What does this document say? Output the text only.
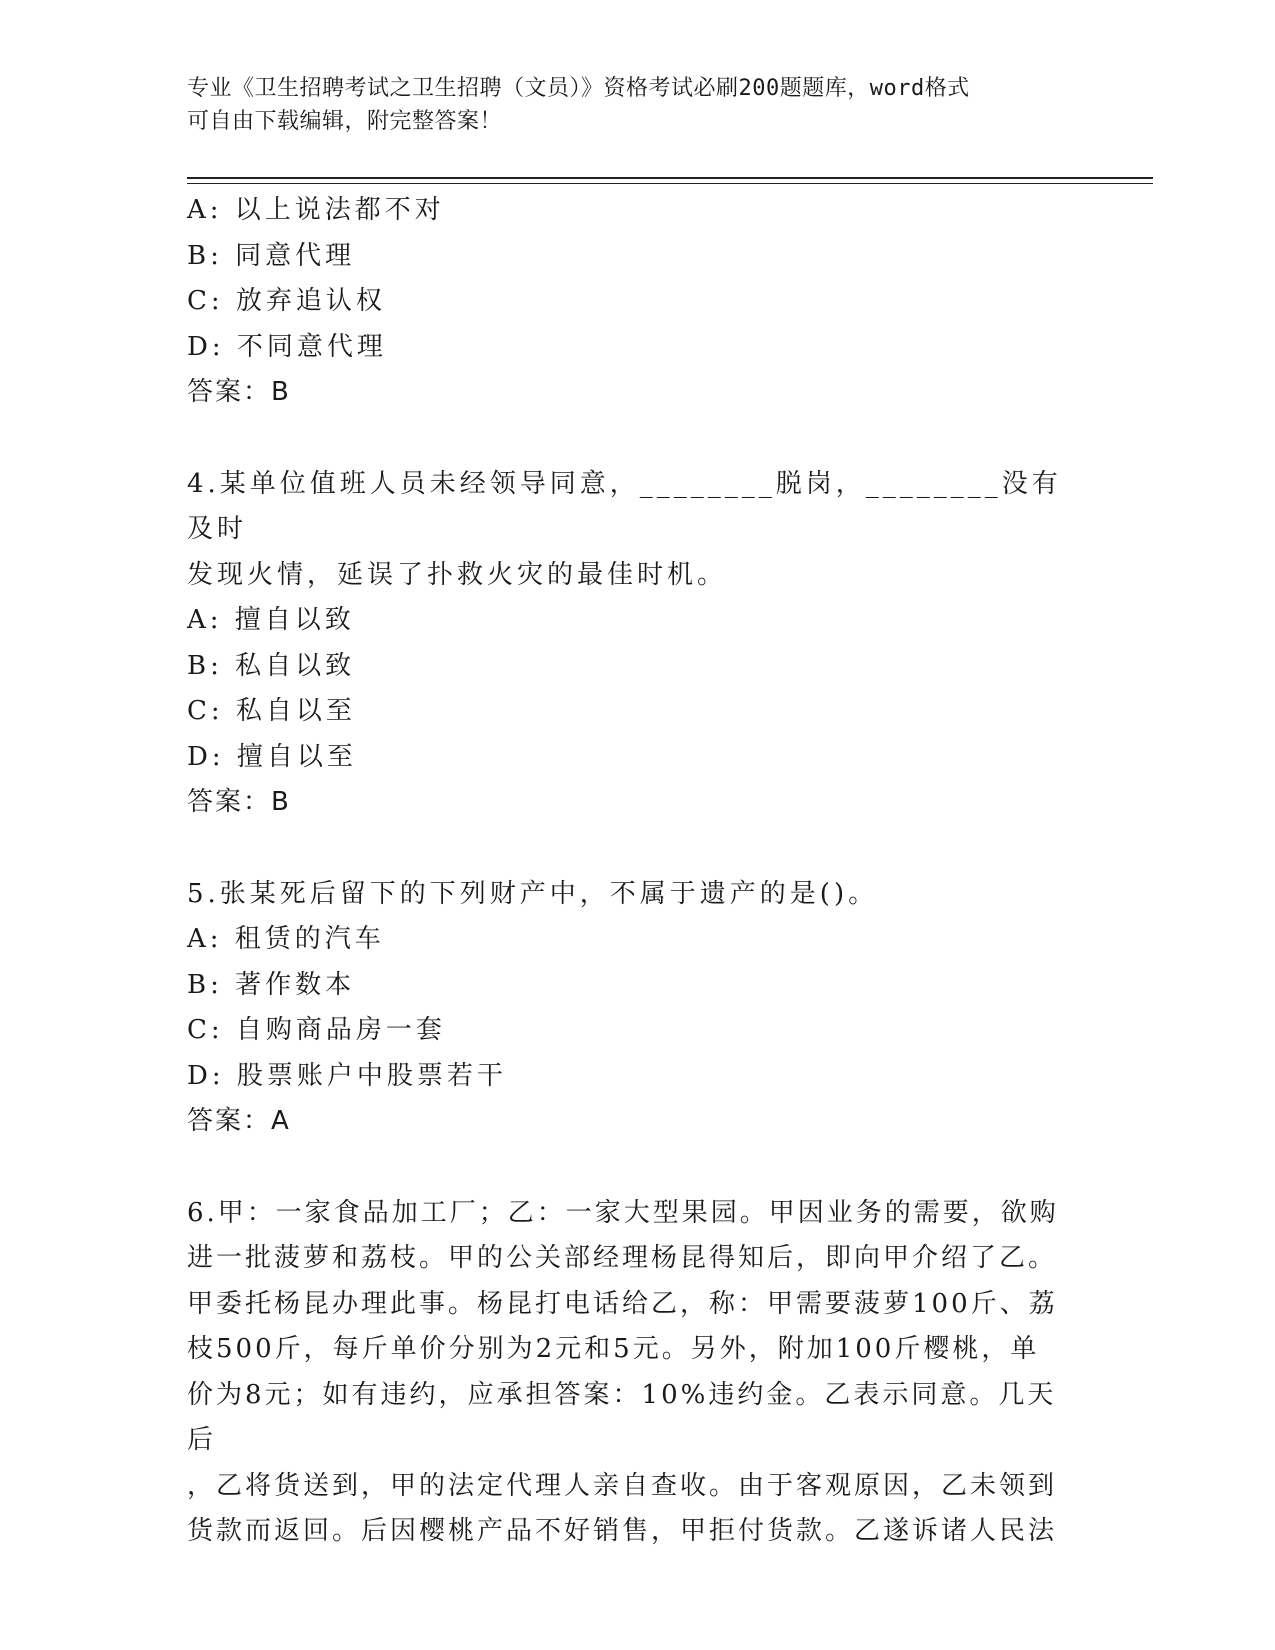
专业《卫生招聘考试之卫生招聘（文员）》资格考试必刷200题题库，word格式
可自由下载编辑，附完整答案！
A: 以上说法都不对
B: 同意代理
C: 放弃追认权
D: 不同意代理
答案：B
4.某单位值班人员未经领导同意，________脱岗，________没有及时
发现火情，延误了扑救火灾的最佳时机。
A: 擅自以致
B: 私自以致
C: 私自以至
D: 擅自以至
答案：B
5.张某死后留下的下列财产中，不属于遗产的是()。
A: 租赁的汽车
B: 著作数本
C: 自购商品房一套
D: 股票账户中股票若干
答案：A
6.甲：一家食品加工厂；乙：一家大型果园。甲因业务的需要，欲购
进一批菠萝和荔枝。甲的公关部经理杨昆得知后，即向甲介绍了乙。
甲委托杨昆办理此事。杨昆打电话给乙，称：甲需要菠萝100斤、荔
枝500斤，每斤单价分别为2元和5元。另外，附加100斤樱桃，单
价为8元；如有违约，应承担答案：10%违约金。乙表示同意。几天后
，乙将货送到，甲的法定代理人亲自查收。由于客观原因，乙未领到
货款而返回。后因樱桃产品不好销售，甲拒付货款。乙遂诉诸人民法
